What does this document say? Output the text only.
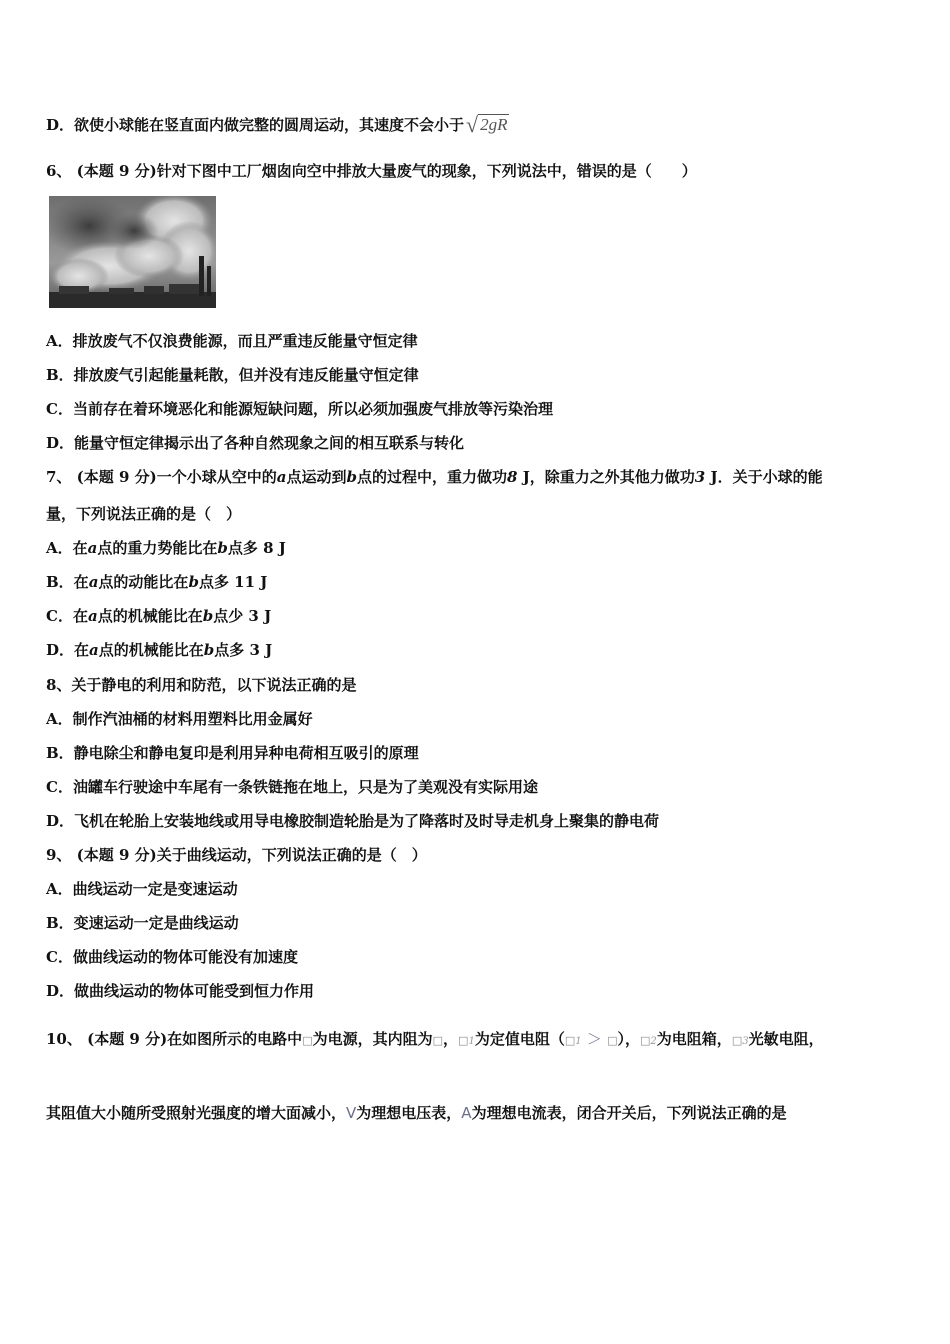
D．欲使小球能在竖直面内做完整的圆周运动，其速度不会小于√ 2gR
6、 (本题 9 分)针对下图中工厂烟囱向空中排放大量废气的现象，下列说法中，错误的是（　　）
A．排放废气不仅浪费能源，而且严重违反能量守恒定律
B．排放废气引起能量耗散，但并没有违反能量守恒定律
C．当前存在着环境恶化和能源短缺问题，所以必须加强废气排放等污染治理
D．能量守恒定律揭示出了各种自然现象之间的相互联系与转化
7、 (本题 9 分)一个小球从空中的a点运动到b点的过程中，重力做功8 J，除重力之外其他力做功3 J．关于小球的能
量，下列说法正确的是（　）
A．在a点的重力势能比在b点多 8 J
B．在a点的动能比在b点多 11 J
C．在a点的机械能比在b点少 3 J
D．在a点的机械能比在b点多 3 J
8、关于静电的利用和防范，以下说法正确的是
A．制作汽油桶的材料用塑料比用金属好
B．静电除尘和静电复印是利用异种电荷相互吸引的原理
C．油罐车行驶途中车尾有一条铁链拖在地上，只是为了美观没有实际用途
D．飞机在轮胎上安装地线或用导电橡胶制造轮胎是为了降落时及时导走机身上聚集的静电荷
9、 (本题 9 分)关于曲线运动，下列说法正确的是（　）
A．曲线运动一定是变速运动
B．变速运动一定是曲线运动
C．做曲线运动的物体可能没有加速度
D．做曲线运动的物体可能受到恒力作用
10、 (本题 9 分)在如图所示的电路中□为电源，其内阻为□，□1为定值电阻（□1 ＞ □），□2为电阻箱，□3光敏电阻，
其阻值大小随所受照射光强度的增大面减小，V为理想电压表，A为理想电流表，闭合开关后，下列说法正确的是
